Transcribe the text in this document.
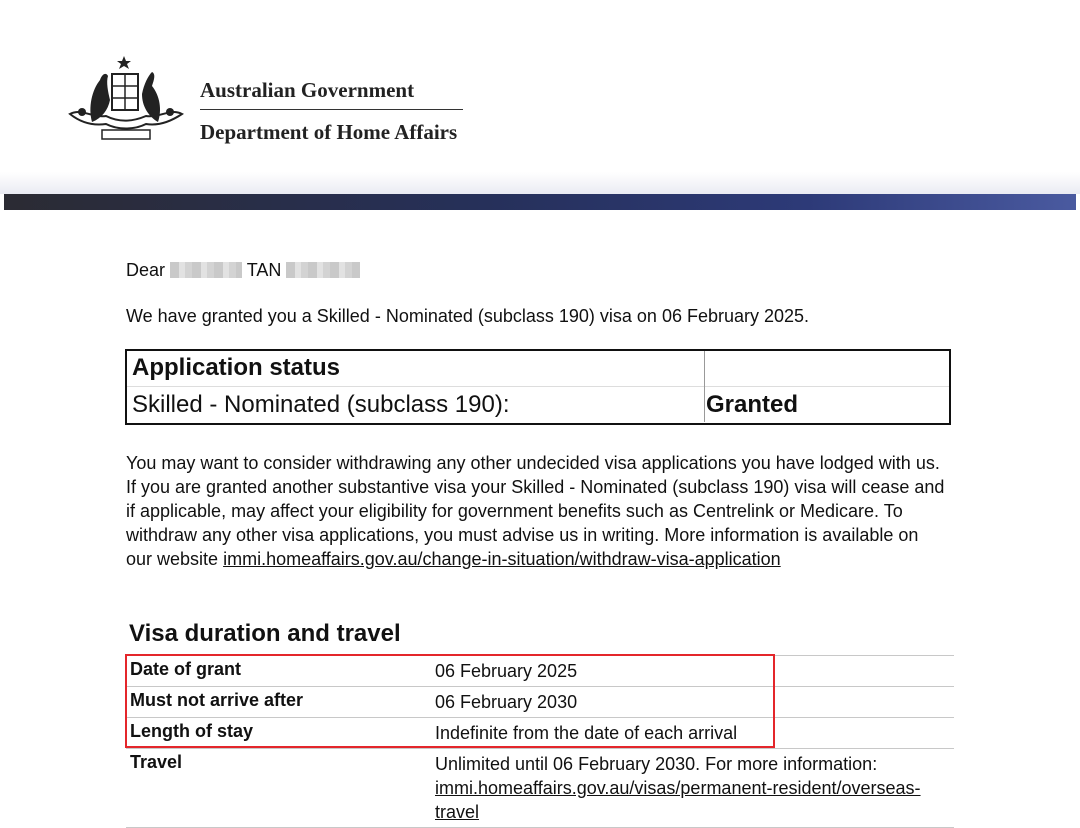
Australian Government
Department of Home Affairs
Dear	TAN
We have granted you a Skilled - Nominated (subclass 190) visa on 06 February 2025.
Application status
Skilled - Nominated (subclass 190):	Granted
You may want to consider withdrawing any other undecided visa applications you have lodged with us. If you are granted another substantive visa your Skilled - Nominated (subclass 190) visa will cease and if applicable, may affect your eligibility for government benefits such as Centrelink or Medicare. To withdraw any other visa applications, you must advise us in writing. More information is available on our website immi.homeaffairs.gov.au/change-in-situation/withdraw-visa-application
Visa duration and travel
Date of grant	06 February 2025
Must not arrive after	06 February 2030
Length of stay	Indefinite from the date of each arrival
Travel	Unlimited until 06 February 2030. For more information: immi.homeaffairs.gov.au/visas/permanent-resident/overseas-travel
